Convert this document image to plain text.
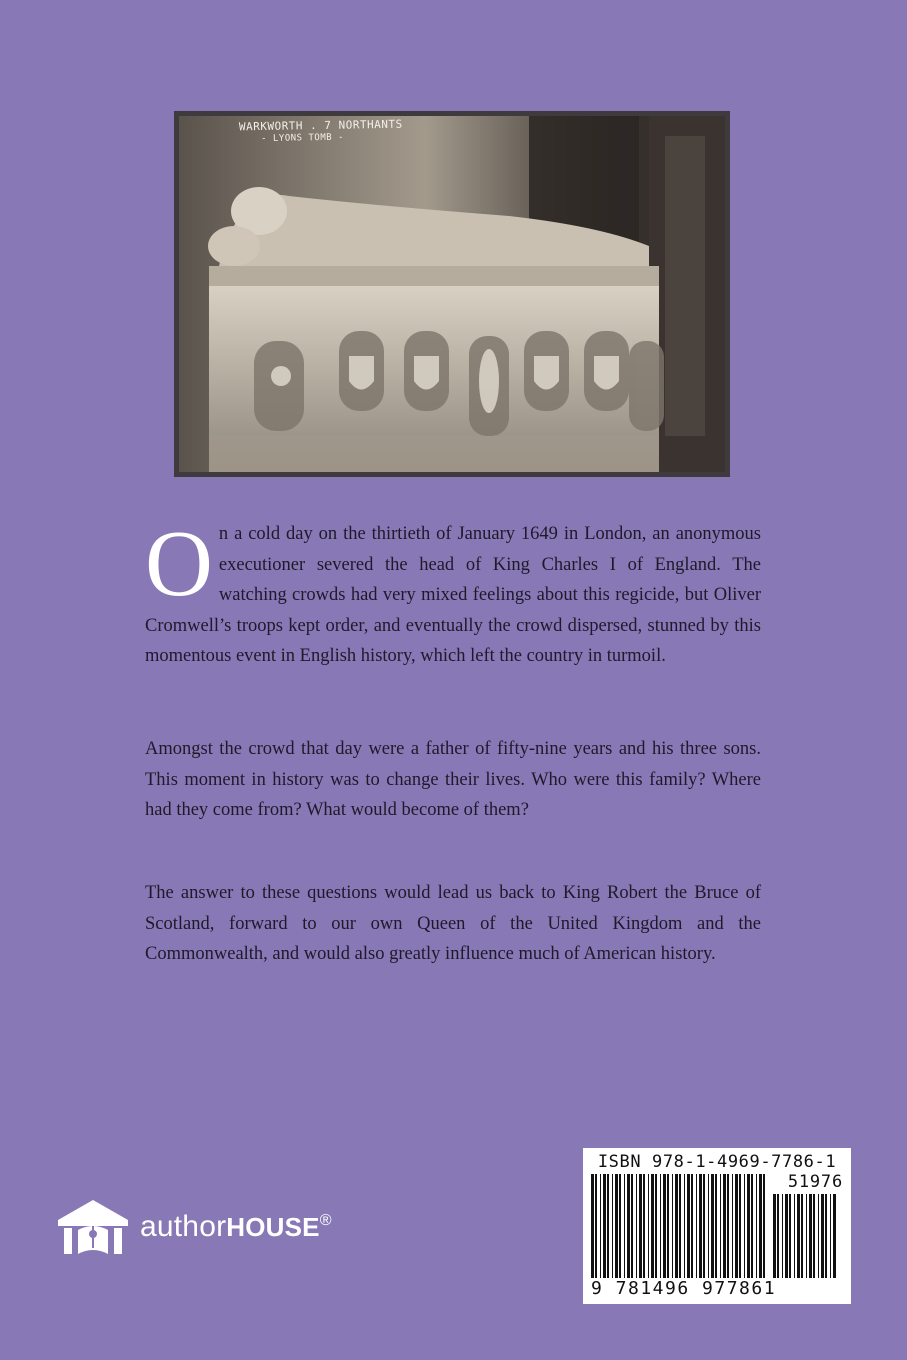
WARKWORTH . 7 NORTHANTS
- LYONS TOMB -

On a cold day on the thirtieth of January 1649 in London, an anonymous executioner severed the head of King Charles I of England. The watching crowds had very mixed feelings about this regicide, but Oliver Cromwell’s troops kept order, and eventually the crowd dispersed, stunned by this momentous event in English history, which left the country in turmoil.

Amongst the crowd that day were a father of fifty-nine years and his three sons. This moment in history was to change their lives. Who were this family? Where had they come from? What would become of them?

The answer to these questions would lead us back to King Robert the Bruce of Scotland, forward to our own Queen of the United Kingdom and the Commonwealth, and would also greatly influence much of American history.

authorHOUSE®
ISBN 978-1-4969-7786-1
51976
9 781496 977861
